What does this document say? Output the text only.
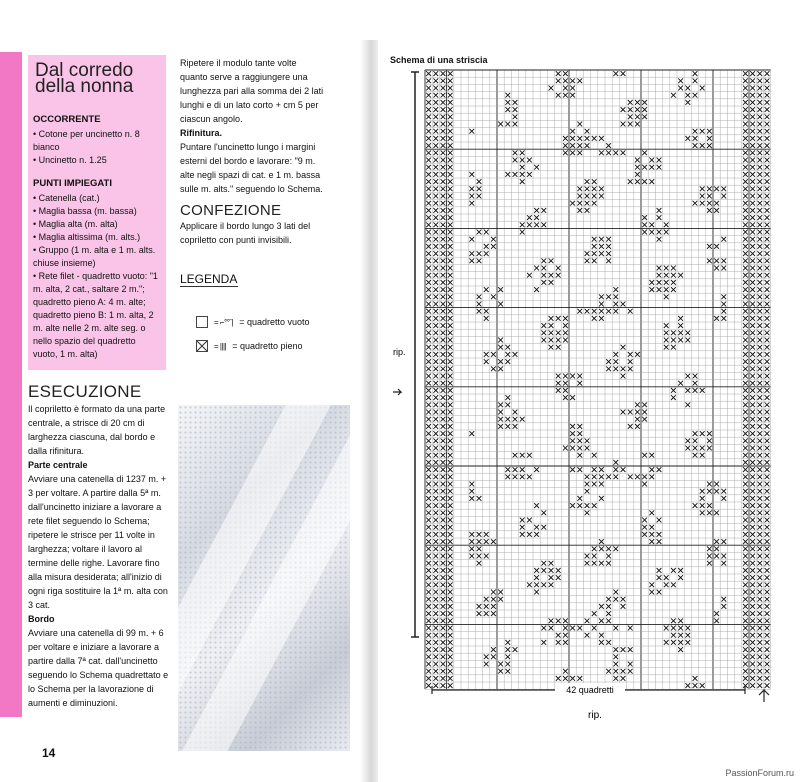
Dal corredo
della nonna
OCCORRENTE
• Cotone per uncinetto n. 8 bianco
• Uncinetto n. 1.25
PUNTI IMPIEGATI
• Catenella (cat.)
• Maglia bassa (m. bassa)
• Maglia alta (m. alta)
• Maglia altissima (m. alts.)
• Gruppo (1 m. alta e 1 m. alts. chiuse insieme)
• Rete filet - quadretto vuoto: "1 m. alta, 2 cat., saltare 2 m."; quadretto pieno A: 4 m. alte; quadretto pieno B: 1 m. alta, 2 m. alte nelle 2 m. alte seg. o nello spazio del quadretto vuoto, 1 m. alta)
ESECUZIONE
Il copriletto è formato da una parte centrale, a strisce di 20 cm di larghezza ciascuna, dal bordo e dalla rifinitura.
Parte centrale
Avviare una catenella di 1237 m. + 3 per voltare. A partire dalla 5ª m. dall'uncinetto iniziare a lavorare a rete filet seguendo lo Schema; ripetere le strisce per 11 volte in larghezza; voltare il lavoro al termine delle righe. Lavorare fino alla misura desiderata; all'inizio di ogni riga sostituire la 1ª m. alta con 3 cat.
Bordo
Avviare una catenella di 99 m. + 6 per voltare e iniziare a lavorare a partire dalla 7ª cat. dall'uncinetto seguendo lo Schema quadrettato e lo Schema per la lavorazione di aumenti e diminuzioni.
Ripetere il modulo tante volte quanto serve a raggiungere una lunghezza pari alla somma dei 2 lati lunghi e di un lato corto + cm 5 per ciascun angolo.
Rifinitura.
Puntare l'uncinetto lungo i margini esterni del bordo e lavorare: "9 m. alte negli spazi di cat. e 1 m. bassa sulle m. alts." seguendo lo Schema.
CONFEZIONE
Applicare il bordo lungo 3 lati del copriletto con punti invisibili.
LEGENDA
= ⌐°°ˉ| = quadretto vuoto
= |||| = quadretto pieno
14
Schema di una striscia
rip.
42 quadretti
rip.
PassionForum.ru
